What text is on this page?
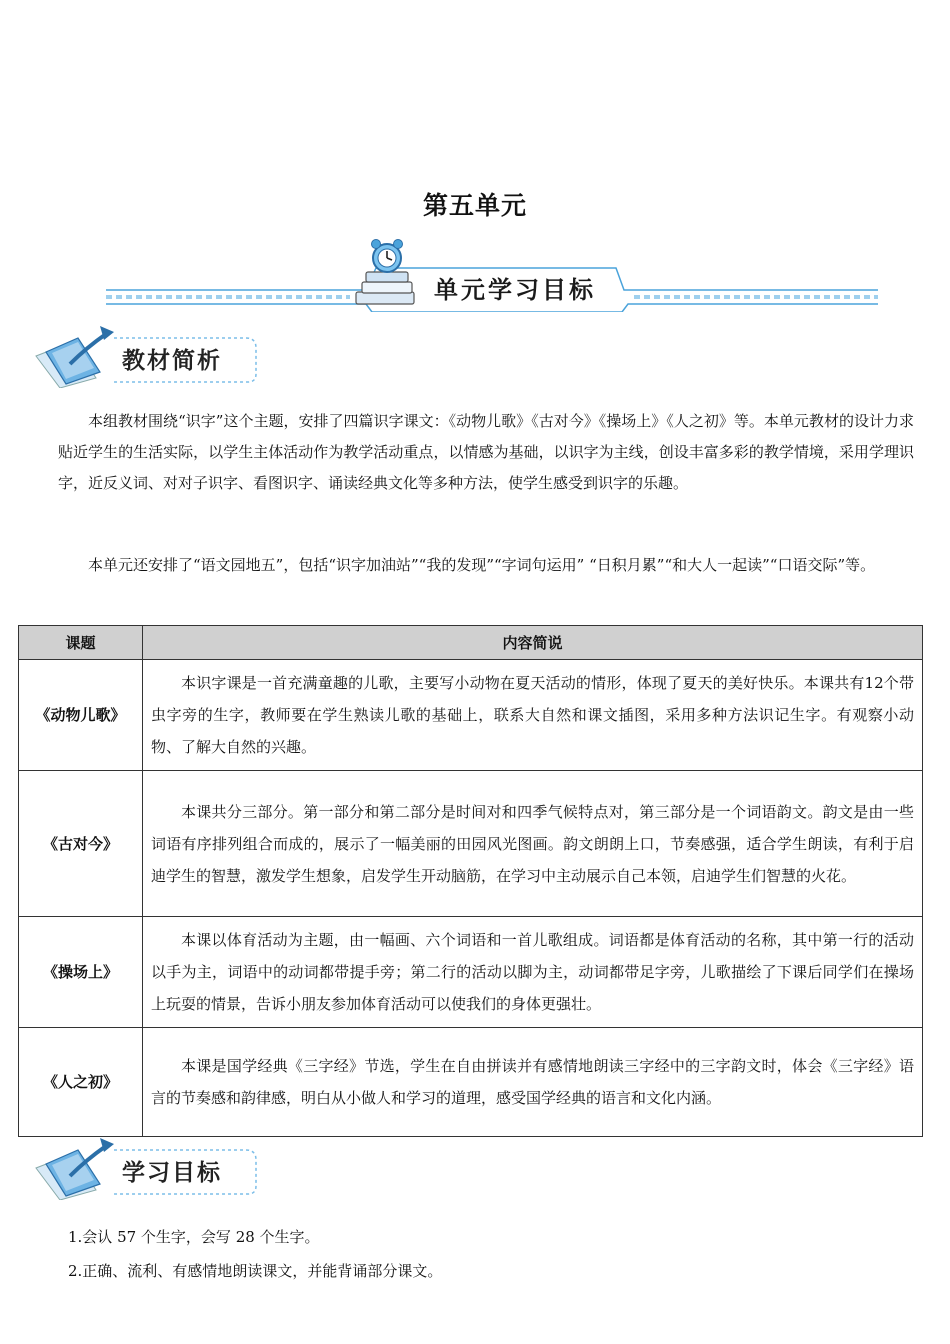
第五单元
单元学习目标
教材简析

本组教材围绕“识字”这个主题，安排了四篇识字课文：《动物儿歌》《古对今》《操场上》《人之初》等。本单元教材的设计力求贴近学生的生活实际，以学生主体活动作为教学活动重点，以情感为基础，以识字为主线，创设丰富多彩的教学情境，采用学理识字，近反义词、对对子识字、看图识字、诵读经典文化等多种方法，使学生感受到识字的乐趣。

本单元还安排了“语文园地五”，包括“识字加油站”“我的发现”“字词句运用” “日积月累”“和大人一起读”“口语交际”等。

课题	内容简说
《动物儿歌》	本识字课是一首充满童趣的儿歌，主要写小动物在夏天活动的情形，体现了夏天的美好快乐。本课共有12个带虫字旁的生字，教师要在学生熟读儿歌的基础上，联系大自然和课文插图，采用多种方法识记生字。有观察小动物、了解大自然的兴趣。
《古对今》	本课共分三部分。第一部分和第二部分是时间对和四季气候特点对，第三部分是一个词语韵文。韵文是由一些词语有序排列组合而成的，展示了一幅美丽的田园风光图画。韵文朗朗上口，节奏感强，适合学生朗读，有利于启迪学生的智慧，激发学生想象，启发学生开动脑筋，在学习中主动展示自己本领，启迪学生们智慧的火花。
《操场上》	本课以体育活动为主题，由一幅画、六个词语和一首儿歌组成。词语都是体育活动的名称，其中第一行的活动以手为主，词语中的动词都带提手旁；第二行的活动以脚为主，动词都带足字旁，儿歌描绘了下课后同学们在操场上玩耍的情景，告诉小朋友参加体育活动可以使我们的身体更强壮。
《人之初》	本课是国学经典《三字经》节选，学生在自由拼读并有感情地朗读三字经中的三字韵文时，体会《三字经》语言的节奏感和韵律感，明白从小做人和学习的道理，感受国学经典的语言和文化内涵。
学习目标

1.会认 57 个生字，会写 28 个生字。

2.正确、流利、有感情地朗读课文，并能背诵部分课文。
